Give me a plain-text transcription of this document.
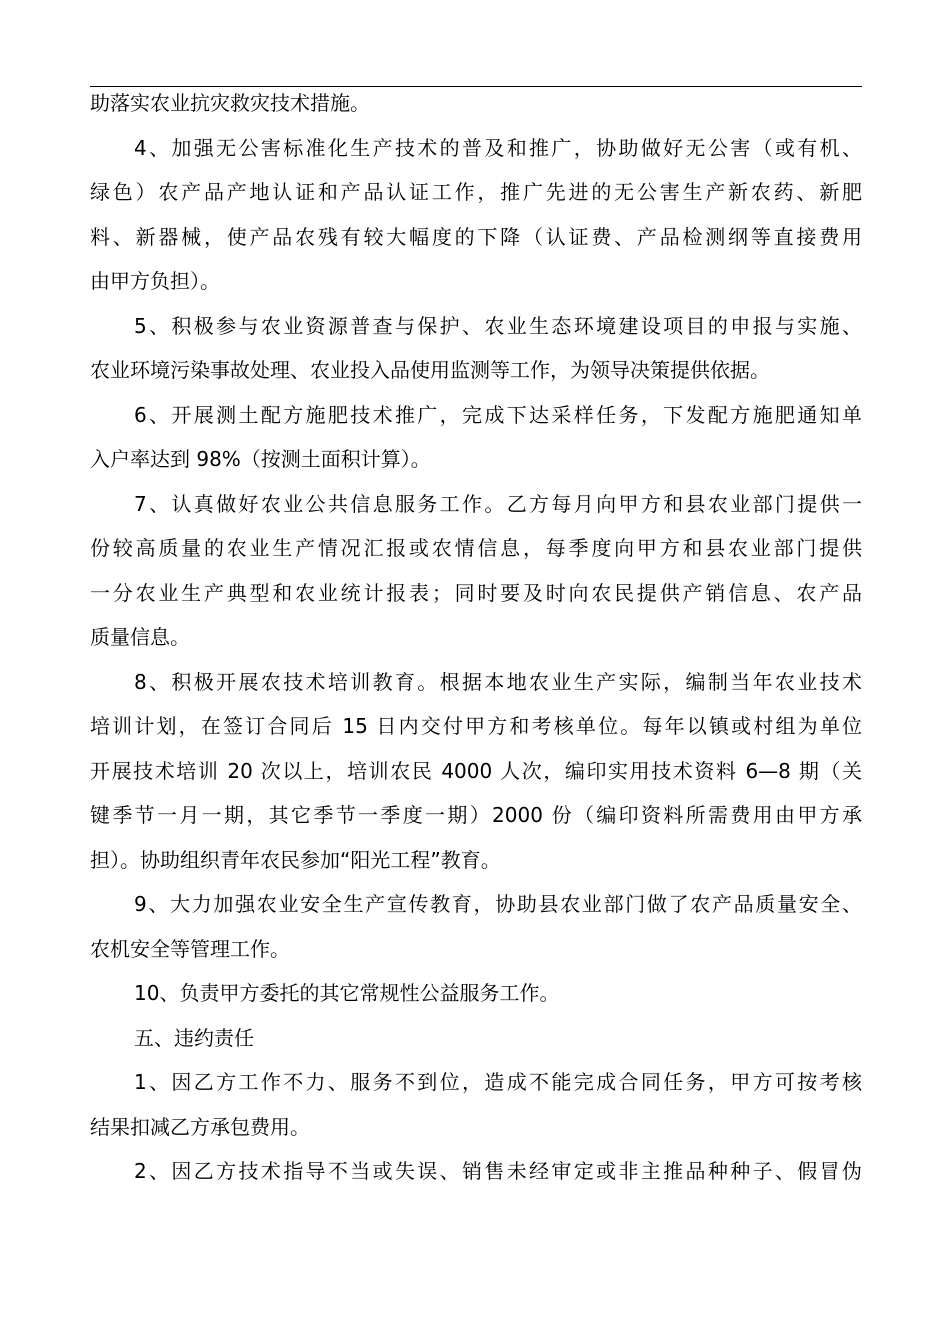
助落实农业抗灾救灾技术措施。
4、加强无公害标准化生产技术的普及和推广，协助做好无公害（或有机、
绿色）农产品产地认证和产品认证工作，推广先进的无公害生产新农药、新肥
料、新器械，使产品农残有较大幅度的下降（认证费、产品检测纲等直接费用
由甲方负担）。
5、积极参与农业资源普查与保护、农业生态环境建设项目的申报与实施、
农业环境污染事故处理、农业投入品使用监测等工作，为领导决策提供依据。
6、开展测土配方施肥技术推广，完成下达采样任务，下发配方施肥通知单
入户率达到 98%（按测土面积计算）。
7、认真做好农业公共信息服务工作。乙方每月向甲方和县农业部门提供一
份较高质量的农业生产情况汇报或农情信息，每季度向甲方和县农业部门提供
一分农业生产典型和农业统计报表；同时要及时向农民提供产销信息、农产品
质量信息。
8、积极开展农技术培训教育。根据本地农业生产实际，编制当年农业技术
培训计划，在签订合同后 15 日内交付甲方和考核单位。每年以镇或村组为单位
开展技术培训 20 次以上，培训农民 4000 人次，编印实用技术资料 6—8 期（关
键季节一月一期，其它季节一季度一期）2000 份（编印资料所需费用由甲方承
担）。协助组织青年农民参加“阳光工程”教育。
9、大力加强农业安全生产宣传教育，协助县农业部门做了农产品质量安全、
农机安全等管理工作。
10、负责甲方委托的其它常规性公益服务工作。
五、违约责任
1、因乙方工作不力、服务不到位，造成不能完成合同任务，甲方可按考核
结果扣减乙方承包费用。
2、因乙方技术指导不当或失误、销售未经审定或非主推品种种子、假冒伪
